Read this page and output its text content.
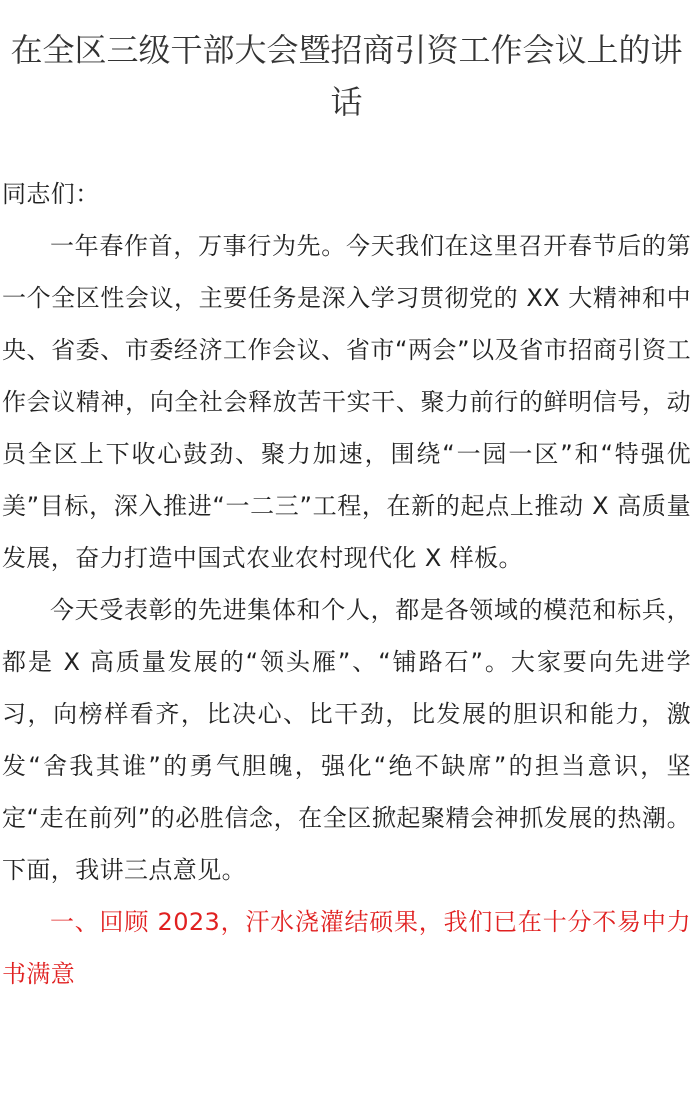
在全区三级干部大会暨招商引资工作会议上的讲话

同志们：

一年春作首，万事行为先。今天我们在这里召开春节后的第一个全区性会议，主要任务是深入学习贯彻党的 XX 大精神和中央、省委、市委经济工作会议、省市“两会”以及省市招商引资工作会议精神，向全社会释放苦干实干、聚力前行的鲜明信号，动员全区上下收心鼓劲、聚力加速，围绕“一园一区”和“特强优美”目标，深入推进“一二三”工程，在新的起点上推动 X 高质量发展，奋力打造中国式农业农村现代化 X 样板。

今天受表彰的先进集体和个人，都是各领域的模范和标兵，都是 X 高质量发展的“领头雁”、“铺路石”。大家要向先进学习，向榜样看齐，比决心、比干劲，比发展的胆识和能力，激发“舍我其谁”的勇气胆魄，强化“绝不缺席”的担当意识，坚定“走在前列”的必胜信念，在全区掀起聚精会神抓发展的热潮。下面，我讲三点意见。

一、回顾 2023，汗水浇灌结硕果，我们已在十分不易中力书满意
